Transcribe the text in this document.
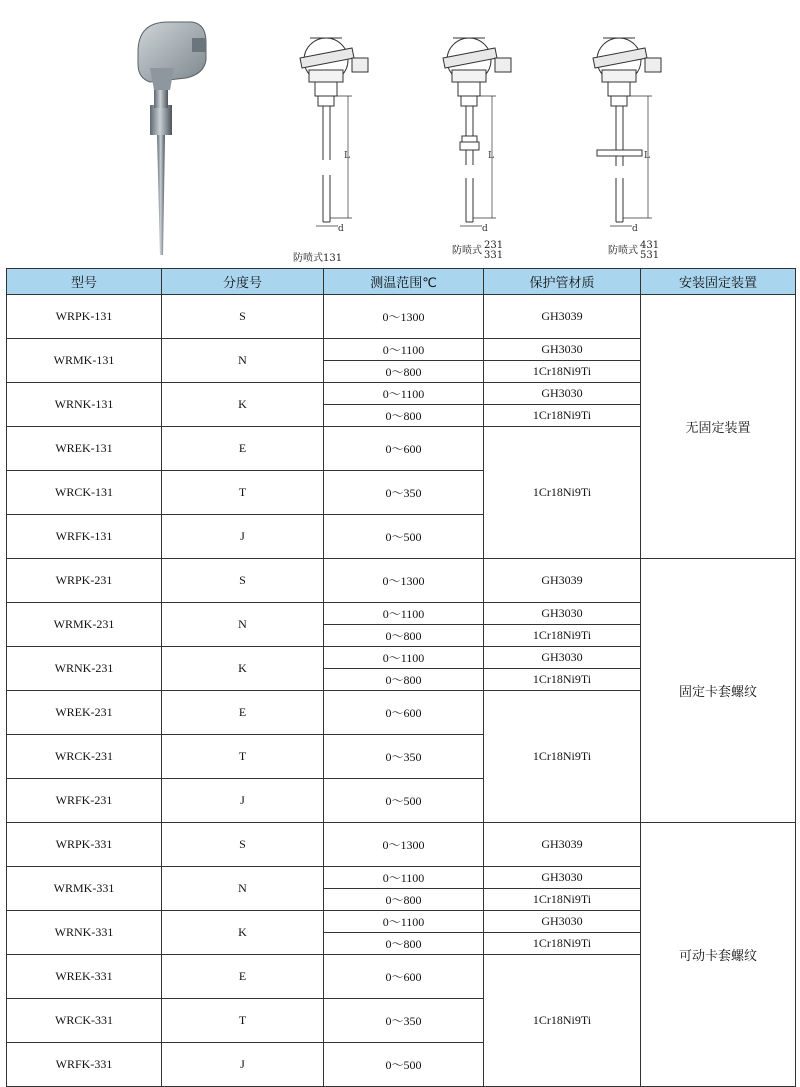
L	L	L
d	d	d
防喷式131
防喷式 231
331	防喷式 431
531
型号	分度号	测温范围℃	保护管材质	安装固定装置
WRPK-131	S	0～1300	GH3039	无固定装置

WRMK-131	N	0～1100	GH3030	
		0～800	1Cr18Ni9Ti	
WRNK-131	K	0～1100	GH3030	
		0～800	1Cr18Ni9Ti	
WREK-131	E	0～600	1Cr18Ni9Ti	

WRCK-131	T	0～350		

WRFK-131	J	0～500		

WRPK-231	S	0～1300	GH3039	固定卡套螺纹

WRMK-231	N	0～1100	GH3030	
		0～800	1Cr18Ni9Ti	
WRNK-231	K	0～1100	GH3030	
		0～800	1Cr18Ni9Ti	
WREK-231	E	0～600	1Cr18Ni9Ti	

WRCK-231	T	0～350		

WRFK-231	J	0～500		

WRPK-331	S	0～1300	GH3039	可动卡套螺纹

WRMK-331	N	0～1100	GH3030	
		0～800	1Cr18Ni9Ti	
WRNK-331	K	0～1100	GH3030	
		0～800	1Cr18Ni9Ti	
WREK-331	E	0～600	1Cr18Ni9Ti	

WRCK-331	T	0～350		

WRFK-331	J	0～500		
